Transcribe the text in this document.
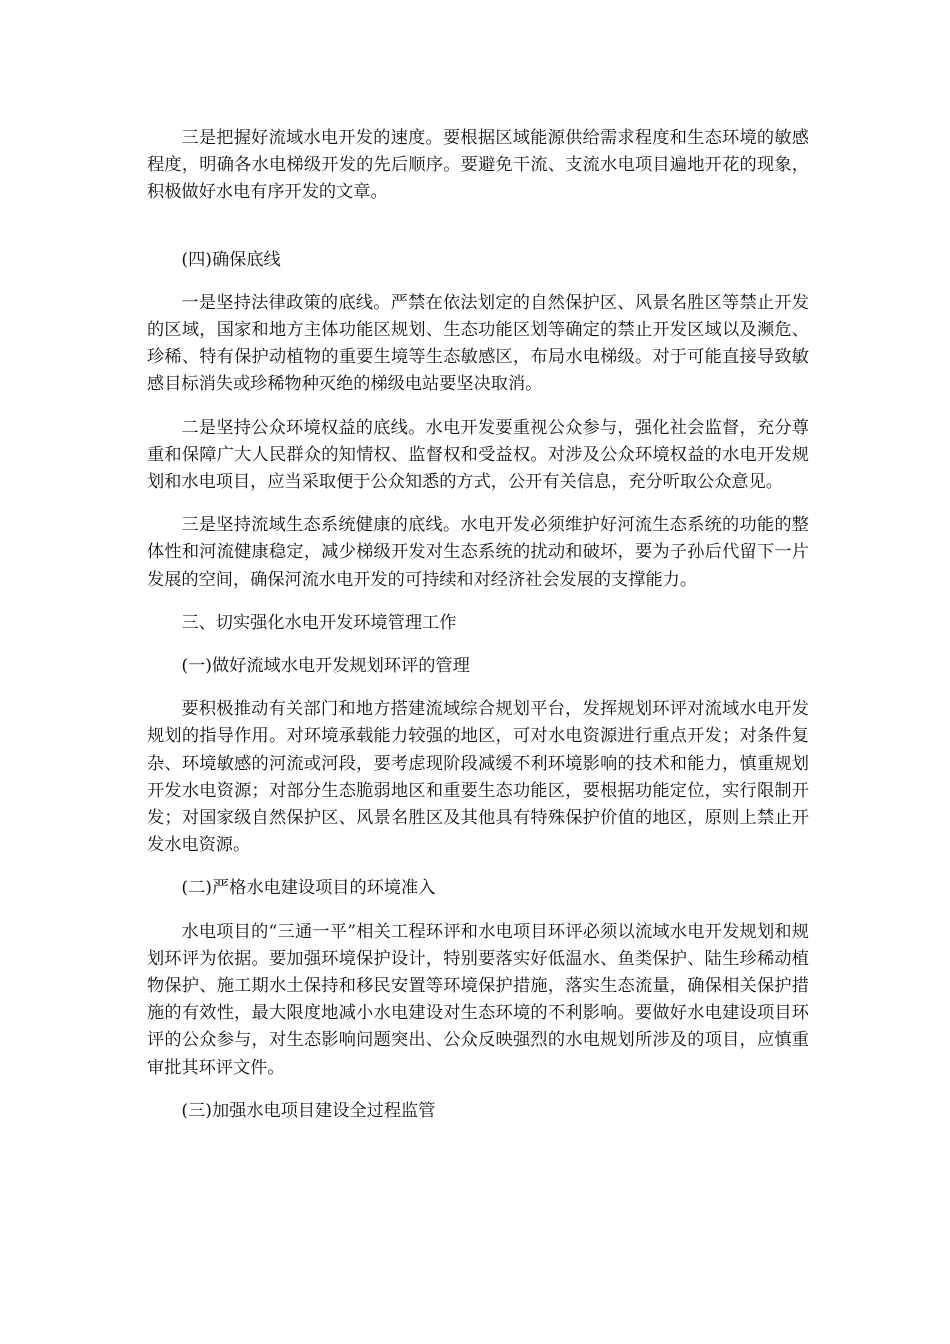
三是把握好流域水电开发的速度。要根据区域能源供给需求程度和生态环境的敏感程度，明确各水电梯级开发的先后顺序。要避免干流、支流水电项目遍地开花的现象，积极做好水电有序开发的文章。

(四)确保底线

一是坚持法律政策的底线。严禁在依法划定的自然保护区、风景名胜区等禁止开发的区域，国家和地方主体功能区规划、生态功能区划等确定的禁止开发区域以及濒危、珍稀、特有保护动植物的重要生境等生态敏感区，布局水电梯级。对于可能直接导致敏感目标消失或珍稀物种灭绝的梯级电站要坚决取消。

二是坚持公众环境权益的底线。水电开发要重视公众参与，强化社会监督，充分尊重和保障广大人民群众的知情权、监督权和受益权。对涉及公众环境权益的水电开发规划和水电项目，应当采取便于公众知悉的方式，公开有关信息，充分听取公众意见。

三是坚持流域生态系统健康的底线。水电开发必须维护好河流生态系统的功能的整体性和河流健康稳定，减少梯级开发对生态系统的扰动和破坏，要为子孙后代留下一片发展的空间，确保河流水电开发的可持续和对经济社会发展的支撑能力。

三、切实强化水电开发环境管理工作

(一)做好流域水电开发规划环评的管理

要积极推动有关部门和地方搭建流域综合规划平台，发挥规划环评对流域水电开发规划的指导作用。对环境承载能力较强的地区，可对水电资源进行重点开发；对条件复杂、环境敏感的河流或河段，要考虑现阶段减缓不利环境影响的技术和能力，慎重规划开发水电资源；对部分生态脆弱地区和重要生态功能区，要根据功能定位，实行限制开发；对国家级自然保护区、风景名胜区及其他具有特殊保护价值的地区，原则上禁止开发水电资源。

(二)严格水电建设项目的环境准入

水电项目的“三通一平”相关工程环评和水电项目环评必须以流域水电开发规划和规划环评为依据。要加强环境保护设计，特别要落实好低温水、鱼类保护、陆生珍稀动植物保护、施工期水土保持和移民安置等环境保护措施，落实生态流量，确保相关保护措施的有效性，最大限度地减小水电建设对生态环境的不利影响。要做好水电建设项目环评的公众参与，对生态影响问题突出、公众反映强烈的水电规划所涉及的项目，应慎重审批其环评文件。

(三)加强水电项目建设全过程监管
